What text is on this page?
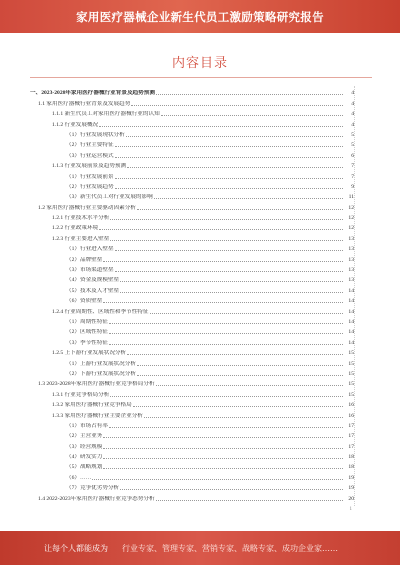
家用医疗器械企业新生代员工激励策略研究报告
内容目录
一、2023-2028年家用医疗器械行业背景及趋势预测	4
1.1 家用医疗器械行业背景及发展趋势	4
1.1.1 新生代员工对家用医疗器械行业的认知	4
1.1.2 行业发展概况	4
（1）行业发展现状分析	5
（2）行业主要特征	5
（3）行业运营模式	6
1.1.3 行业发展前景及趋势预测	7
（1）行业发展前景	7
（2）行业发展趋势	9
（3）新生代员工对行业发展的影响	11
1.2 家用医疗器械行业主要驱动因素分析	12
1.2.1 行业技术水平分析	12
1.2.2 行业政策环境	12
1.2.3 行业主要进入壁垒	13
（1）行业进入壁垒	13
（2）品牌壁垒	13
（3）市场渠道壁垒	13
（4）资金及规模壁垒	13
（5）技术及人才壁垒	14
（6）资质壁垒	14
1.2.4 行业周期性、区域性和季节性特征	14
（1）周期性特征	14
（2）区域性特征	14
（3）季节性特征	14
1.2.5 上下游行业发展状况分析	15
（1）上游行业发展状况分析	15
（2）下游行业发展状况分析	15
1.3 2023-2028年家用医疗器械行业竞争格局分析	15
1.3.1 行业竞争格局分析	15
1.3.2 家用医疗器械行业竞争格局	16
1.3.3 家用医疗器械行业主要企业分析	16
（1）市场占有率	17
（2）主营业务	17
（3）经营规模	17
（4）研发实力	18
（5）战略规划	18
（6）……	19
（7）竞争优劣势分析	19
1.4 2022-2023年家用医疗器械行业竞争态势分析	20
1
让每个人都能成为 行业专家、管理专家、营销专家、战略专家、成功企业家……
